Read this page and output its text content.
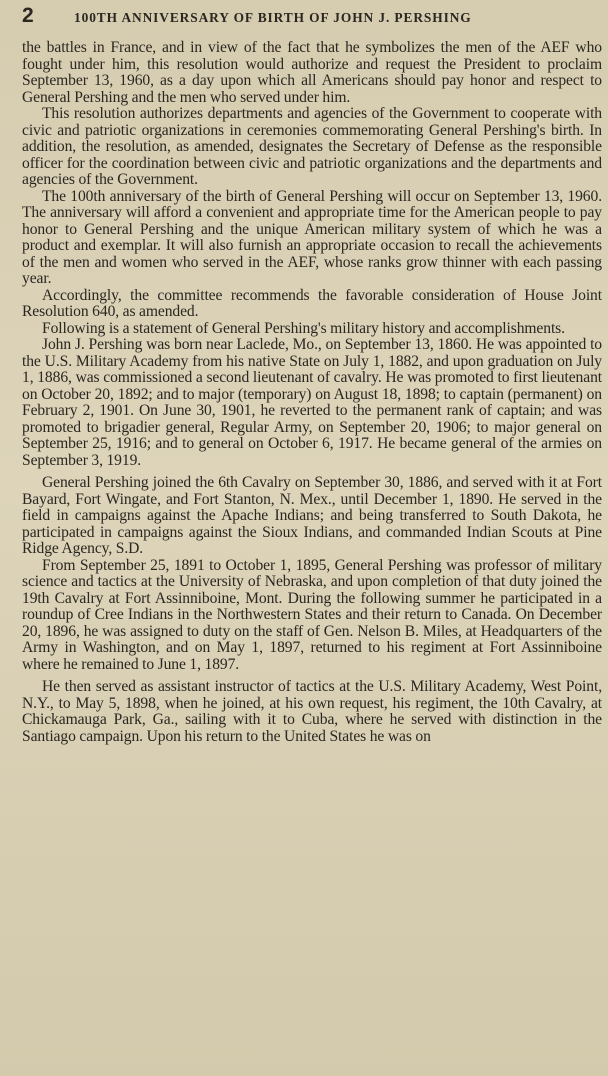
2	100TH ANNIVERSARY OF BIRTH OF JOHN J. PERSHING

the battles in France, and in view of the fact that he symbolizes the men of the AEF who fought under him, this resolution would authorize and request the President to proclaim September 13, 1960, as a day upon which all Americans should pay honor and respect to General Pershing and the men who served under him.

This resolution authorizes departments and agencies of the Government to cooperate with civic and patriotic organizations in ceremonies commemorating General Pershing's birth. In addition, the resolution, as amended, designates the Secretary of Defense as the responsible officer for the coordination between civic and patriotic organizations and the departments and agencies of the Government.

The 100th anniversary of the birth of General Pershing will occur on September 13, 1960. The anniversary will afford a convenient and appropriate time for the American people to pay honor to General Pershing and the unique American military system of which he was a product and exemplar. It will also furnish an appropriate occasion to recall the achievements of the men and women who served in the AEF, whose ranks grow thinner with each passing year.

Accordingly, the committee recommends the favorable consideration of House Joint Resolution 640, as amended.

Following is a statement of General Pershing's military history and accomplishments.

John J. Pershing was born near Laclede, Mo., on September 13, 1860. He was appointed to the U.S. Military Academy from his native State on July 1, 1882, and upon graduation on July 1, 1886, was commissioned a second lieutenant of cavalry. He was promoted to first lieutenant on October 20, 1892; and to major (temporary) on August 18, 1898; to captain (permanent) on February 2, 1901. On June 30, 1901, he reverted to the permanent rank of captain; and was promoted to brigadier general, Regular Army, on September 20, 1906; to major general on September 25, 1916; and to general on October 6, 1917. He became general of the armies on September 3, 1919.

General Pershing joined the 6th Cavalry on September 30, 1886, and served with it at Fort Bayard, Fort Wingate, and Fort Stanton, N. Mex., until December 1, 1890. He served in the field in campaigns against the Apache Indians; and being transferred to South Dakota, he participated in campaigns against the Sioux Indians, and commanded Indian Scouts at Pine Ridge Agency, S.D.

From September 25, 1891 to October 1, 1895, General Pershing was professor of military science and tactics at the University of Nebraska, and upon completion of that duty joined the 19th Cavalry at Fort Assinniboine, Mont. During the following summer he participated in a roundup of Cree Indians in the Northwestern States and their return to Canada. On December 20, 1896, he was assigned to duty on the staff of Gen. Nelson B. Miles, at Headquarters of the Army in Washington, and on May 1, 1897, returned to his regiment at Fort Assinniboine where he remained to June 1, 1897.

He then served as assistant instructor of tactics at the U.S. Military Academy, West Point, N.Y., to May 5, 1898, when he joined, at his own request, his regiment, the 10th Cavalry, at Chickamauga Park, Ga., sailing with it to Cuba, where he served with distinction in the Santiago campaign. Upon his return to the United States he was on
